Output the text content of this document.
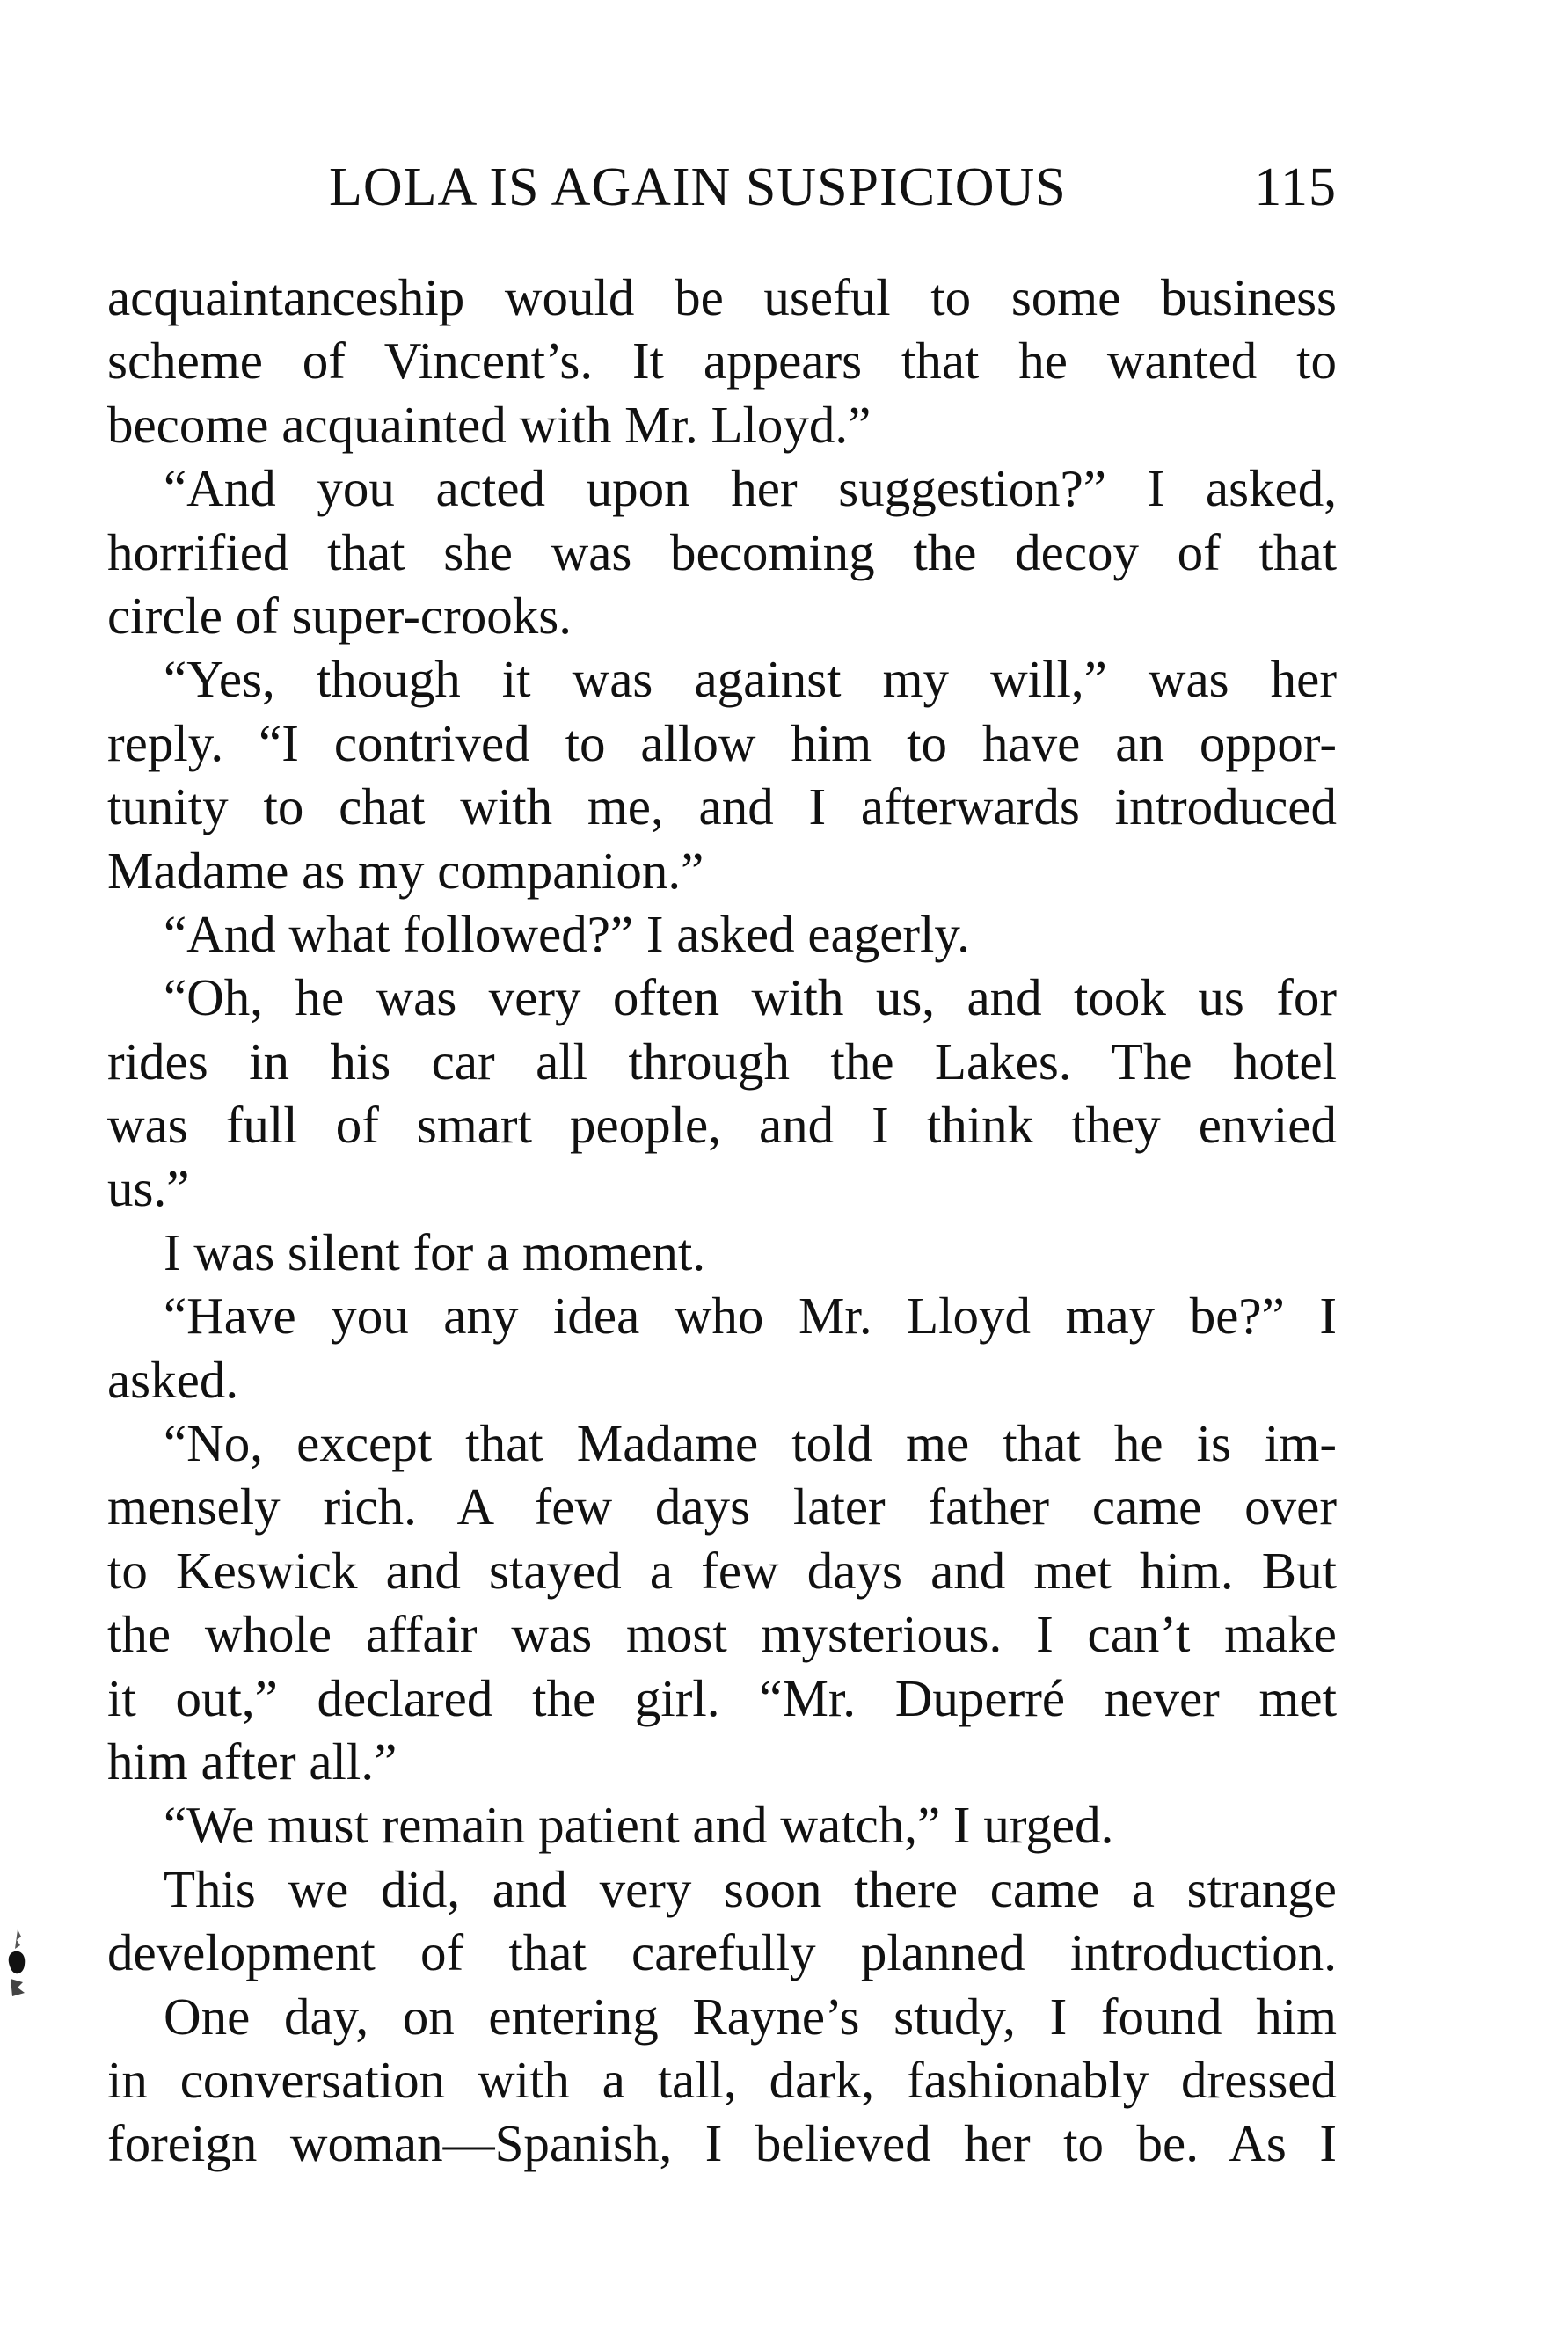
LOLA IS AGAIN SUSPICIOUS	115
acquaintanceship would be useful to some business
scheme of Vincent’s. It appears that he wanted to
become acquainted with Mr. Lloyd.”
“And you acted upon her suggestion?” I asked,
horrified that she was becoming the decoy of that
circle of super-crooks.
“Yes, though it was against my will,” was her
reply. “I contrived to allow him to have an oppor-
tunity to chat with me, and I afterwards introduced
Madame as my companion.”
“And what followed?” I asked eagerly.
“Oh, he was very often with us, and took us for
rides in his car all through the Lakes. The hotel
was full of smart people, and I think they envied
us.”
I was silent for a moment.
“Have you any idea who Mr. Lloyd may be?” I
asked.
“No, except that Madame told me that he is im-
mensely rich. A few days later father came over
to Keswick and stayed a few days and met him. But
the whole affair was most mysterious. I can’t make
it out,” declared the girl. “Mr. Duperré never met
him after all.”
“We must remain patient and watch,” I urged.
This we did, and very soon there came a strange
development of that carefully planned introduction.
One day, on entering Rayne’s study, I found him
in conversation with a tall, dark, fashionably dressed
foreign woman—Spanish, I believed her to be. As I
